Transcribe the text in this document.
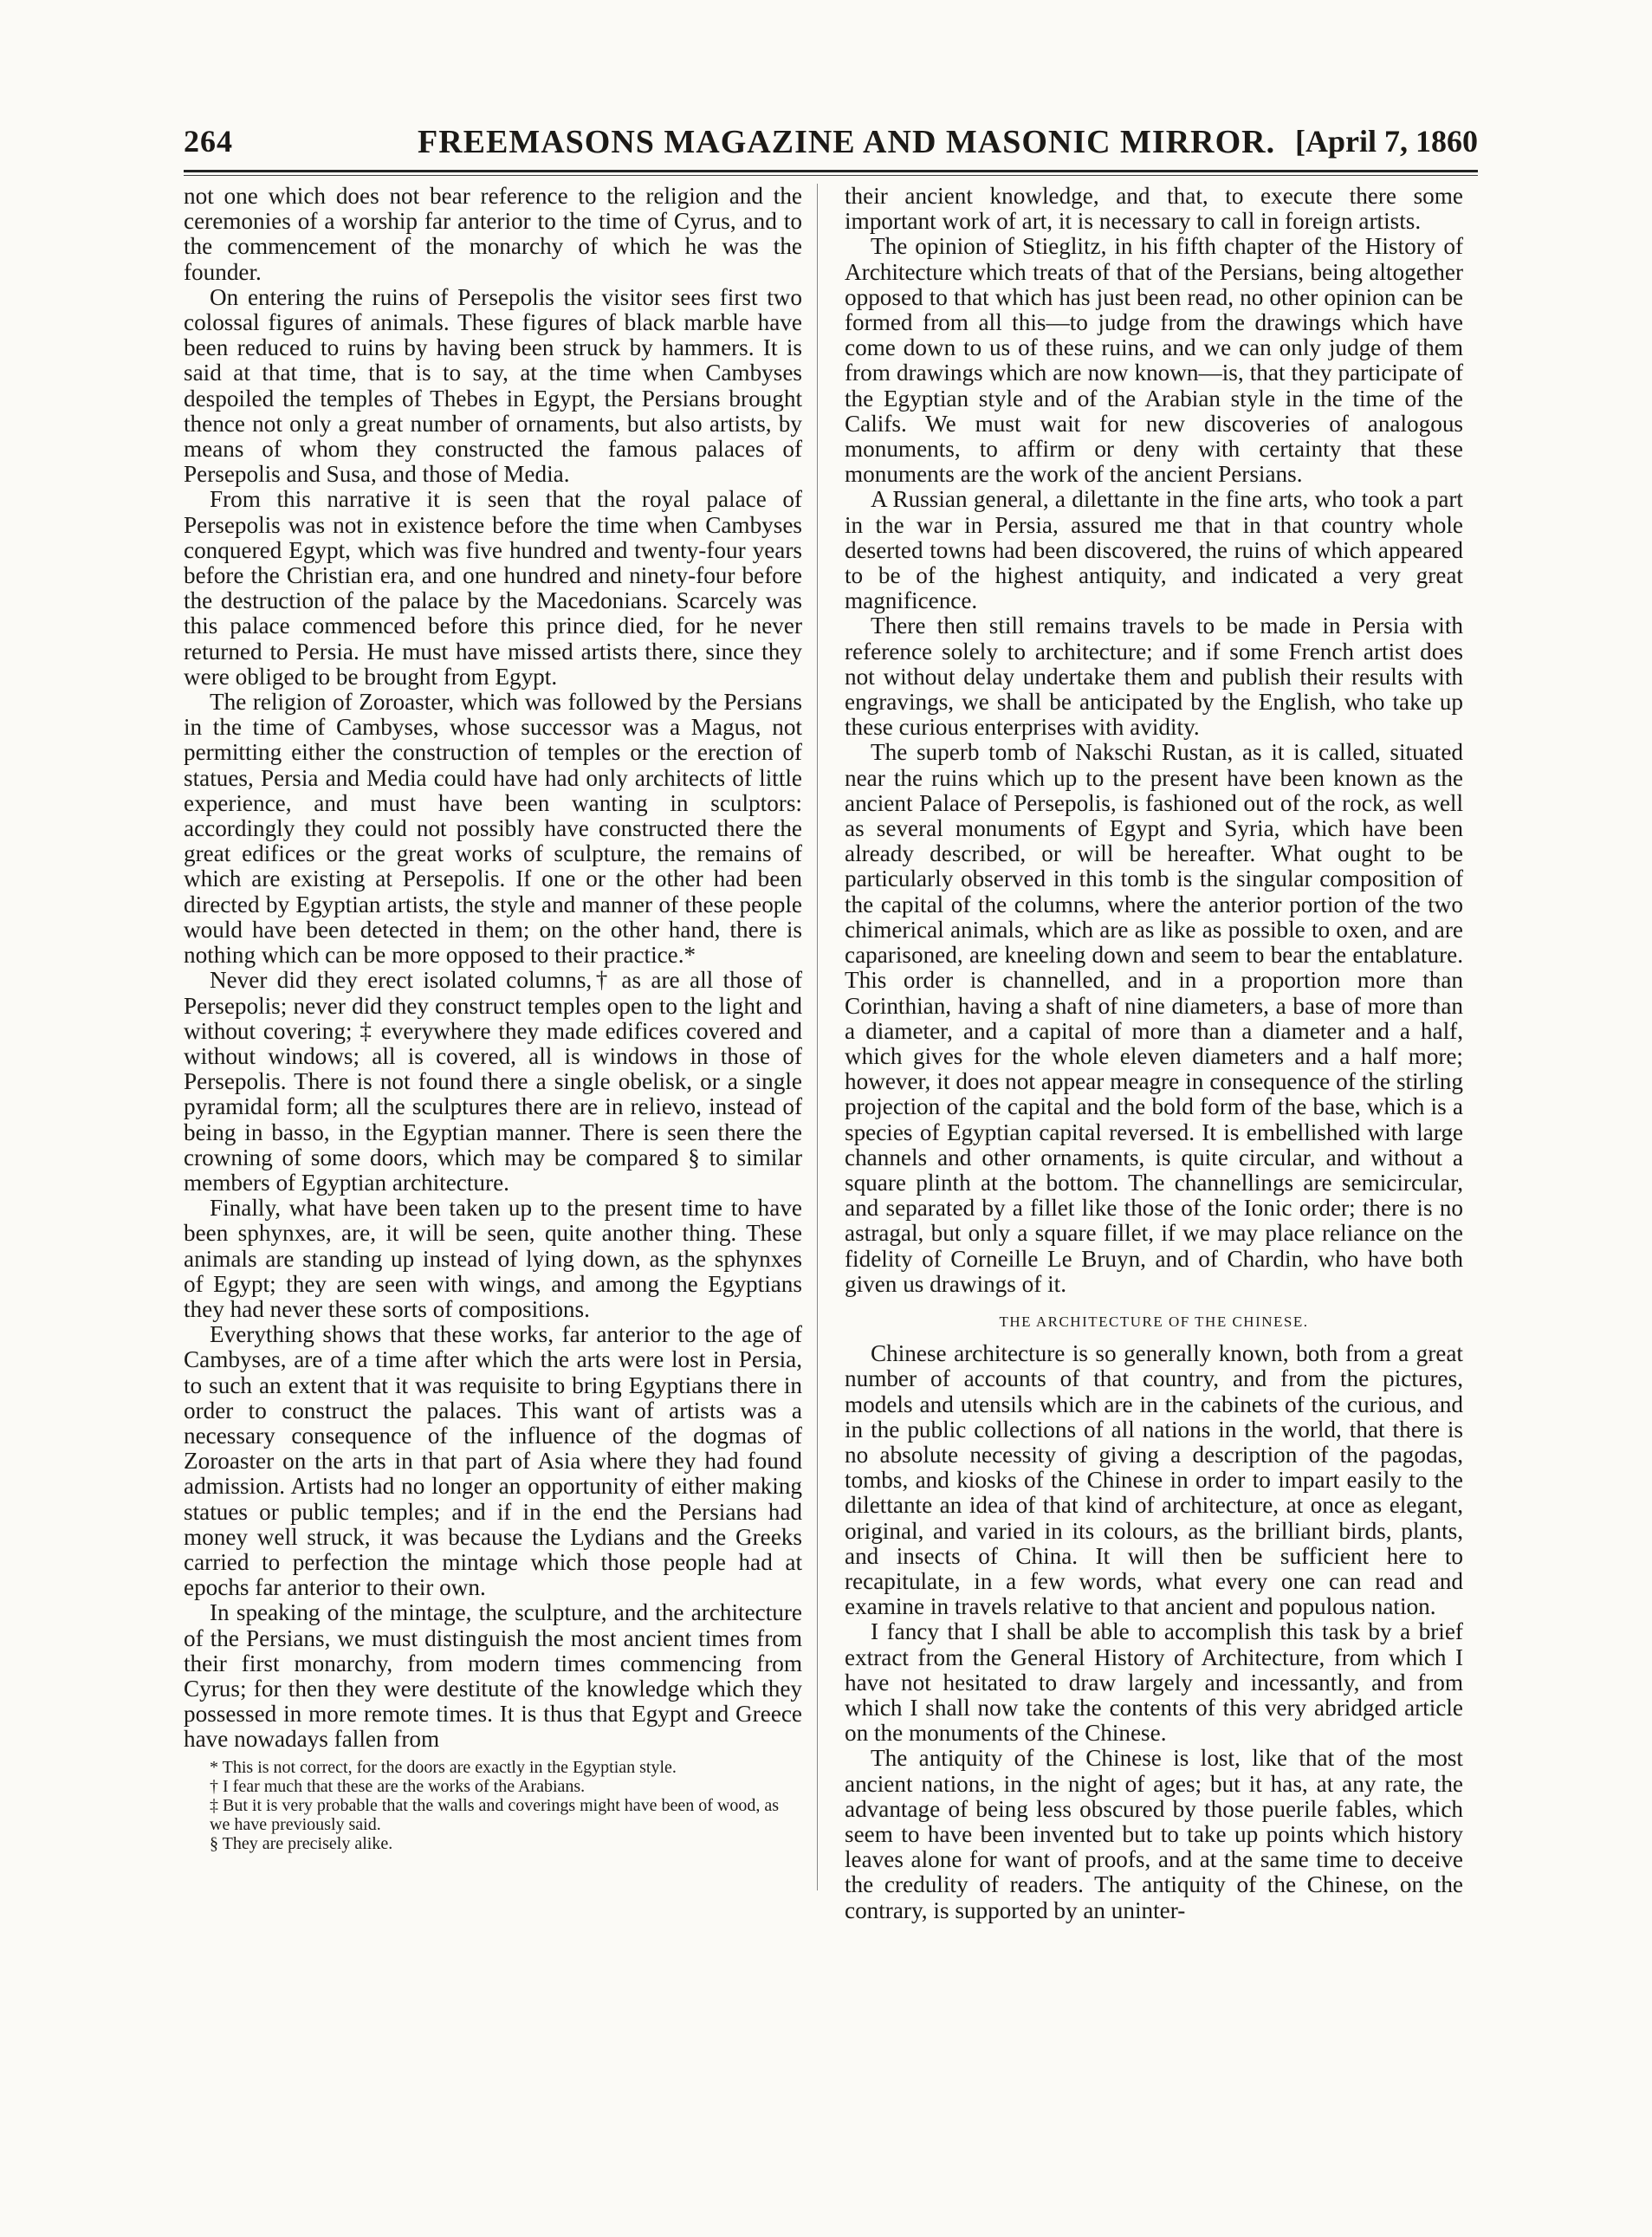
264	FREEMASONS MAGAZINE AND MASONIC MIRROR. [April 7, 1860

not one which does not bear reference to the religion and the ceremonies of a worship far anterior to the time of Cyrus, and to the commencement of the monarchy of which he was the founder.

On entering the ruins of Persepolis the visitor sees first two colossal figures of animals. These figures of black marble have been reduced to ruins by having been struck by hammers. It is said at that time, that is to say, at the time when Cambyses despoiled the temples of Thebes in Egypt, the Persians brought thence not only a great number of ornaments, but also artists, by means of whom they constructed the famous palaces of Persepolis and Susa, and those of Media.

From this narrative it is seen that the royal palace of Persepolis was not in existence before the time when Cambyses conquered Egypt, which was five hundred and twenty-four years before the Christian era, and one hundred and ninety-four before the destruction of the palace by the Macedonians. Scarcely was this palace commenced before this prince died, for he never returned to Persia. He must have missed artists there, since they were obliged to be brought from Egypt.

The religion of Zoroaster, which was followed by the Persians in the time of Cambyses, whose successor was a Magus, not permitting either the construction of temples or the erection of statues, Persia and Media could have had only architects of little experience, and must have been wanting in sculptors: accordingly they could not possibly have constructed there the great edifices or the great works of sculpture, the remains of which are existing at Persepolis. If one or the other had been directed by Egyptian artists, the style and manner of these people would have been detected in them; on the other hand, there is nothing which can be more opposed to their practice.*

Never did they erect isolated columns,† as are all those of Persepolis; never did they construct temples open to the light and without covering; ‡ everywhere they made edifices covered and without windows; all is covered, all is windows in those of Persepolis. There is not found there a single obelisk, or a single pyramidal form; all the sculptures there are in relievo, instead of being in basso, in the Egyptian manner. There is seen there the crowning of some doors, which may be compared § to similar members of Egyptian architecture.

Finally, what have been taken up to the present time to have been sphynxes, are, it will be seen, quite another thing. These animals are standing up instead of lying down, as the sphynxes of Egypt; they are seen with wings, and among the Egyptians they had never these sorts of compositions.

Everything shows that these works, far anterior to the age of Cambyses, are of a time after which the arts were lost in Persia, to such an extent that it was requisite to bring Egyptians there in order to construct the palaces. This want of artists was a necessary consequence of the influence of the dogmas of Zoroaster on the arts in that part of Asia where they had found admission. Artists had no longer an opportunity of either making statues or public temples; and if in the end the Persians had money well struck, it was because the Lydians and the Greeks carried to perfection the mintage which those people had at epochs far anterior to their own.

In speaking of the mintage, the sculpture, and the architecture of the Persians, we must distinguish the most ancient times from their first monarchy, from modern times commencing from Cyrus; for then they were destitute of the knowledge which they possessed in more remote times. It is thus that Egypt and Greece have nowadays fallen from

* This is not correct, for the doors are exactly in the Egyptian style.
† I fear much that these are the works of the Arabians.
‡ But it is very probable that the walls and coverings might have been of wood, as we have previously said.
§ They are precisely alike.

their ancient knowledge, and that, to execute there some important work of art, it is necessary to call in foreign artists.

The opinion of Stieglitz, in his fifth chapter of the History of Architecture which treats of that of the Persians, being altogether opposed to that which has just been read, no other opinion can be formed from all this—to judge from the drawings which have come down to us of these ruins, and we can only judge of them from drawings which are now known—is, that they participate of the Egyptian style and of the Arabian style in the time of the Califs. We must wait for new discoveries of analogous monuments, to affirm or deny with certainty that these monuments are the work of the ancient Persians.

A Russian general, a dilettante in the fine arts, who took a part in the war in Persia, assured me that in that country whole deserted towns had been discovered, the ruins of which appeared to be of the highest antiquity, and indicated a very great magnificence.

There then still remains travels to be made in Persia with reference solely to architecture; and if some French artist does not without delay undertake them and publish their results with engravings, we shall be anticipated by the English, who take up these curious enterprises with avidity.

The superb tomb of Nakschi Rustan, as it is called, situated near the ruins which up to the present have been known as the ancient Palace of Persepolis, is fashioned out of the rock, as well as several monuments of Egypt and Syria, which have been already described, or will be hereafter. What ought to be particularly observed in this tomb is the singular composition of the capital of the columns, where the anterior portion of the two chimerical animals, which are as like as possible to oxen, and are caparisoned, are kneeling down and seem to bear the entablature. This order is channelled, and in a proportion more than Corinthian, having a shaft of nine diameters, a base of more than a diameter, and a capital of more than a diameter and a half, which gives for the whole eleven diameters and a half more; however, it does not appear meagre in consequence of the stirling projection of the capital and the bold form of the base, which is a species of Egyptian capital reversed. It is embellished with large channels and other ornaments, is quite circular, and without a square plinth at the bottom. The channellings are semicircular, and separated by a fillet like those of the Ionic order; there is no astragal, but only a square fillet, if we may place reliance on the fidelity of Corneille Le Bruyn, and of Chardin, who have both given us drawings of it.

THE ARCHITECTURE OF THE CHINESE.

Chinese architecture is so generally known, both from a great number of accounts of that country, and from the pictures, models and utensils which are in the cabinets of the curious, and in the public collections of all nations in the world, that there is no absolute necessity of giving a description of the pagodas, tombs, and kiosks of the Chinese in order to impart easily to the dilettante an idea of that kind of architecture, at once as elegant, original, and varied in its colours, as the brilliant birds, plants, and insects of China. It will then be sufficient here to recapitulate, in a few words, what every one can read and examine in travels relative to that ancient and populous nation.

I fancy that I shall be able to accomplish this task by a brief extract from the General History of Architecture, from which I have not hesitated to draw largely and incessantly, and from which I shall now take the contents of this very abridged article on the monuments of the Chinese.

The antiquity of the Chinese is lost, like that of the most ancient nations, in the night of ages; but it has, at any rate, the advantage of being less obscured by those puerile fables, which seem to have been invented but to take up points which history leaves alone for want of proofs, and at the same time to deceive the credulity of readers. The antiquity of the Chinese, on the contrary, is supported by an uninter-
